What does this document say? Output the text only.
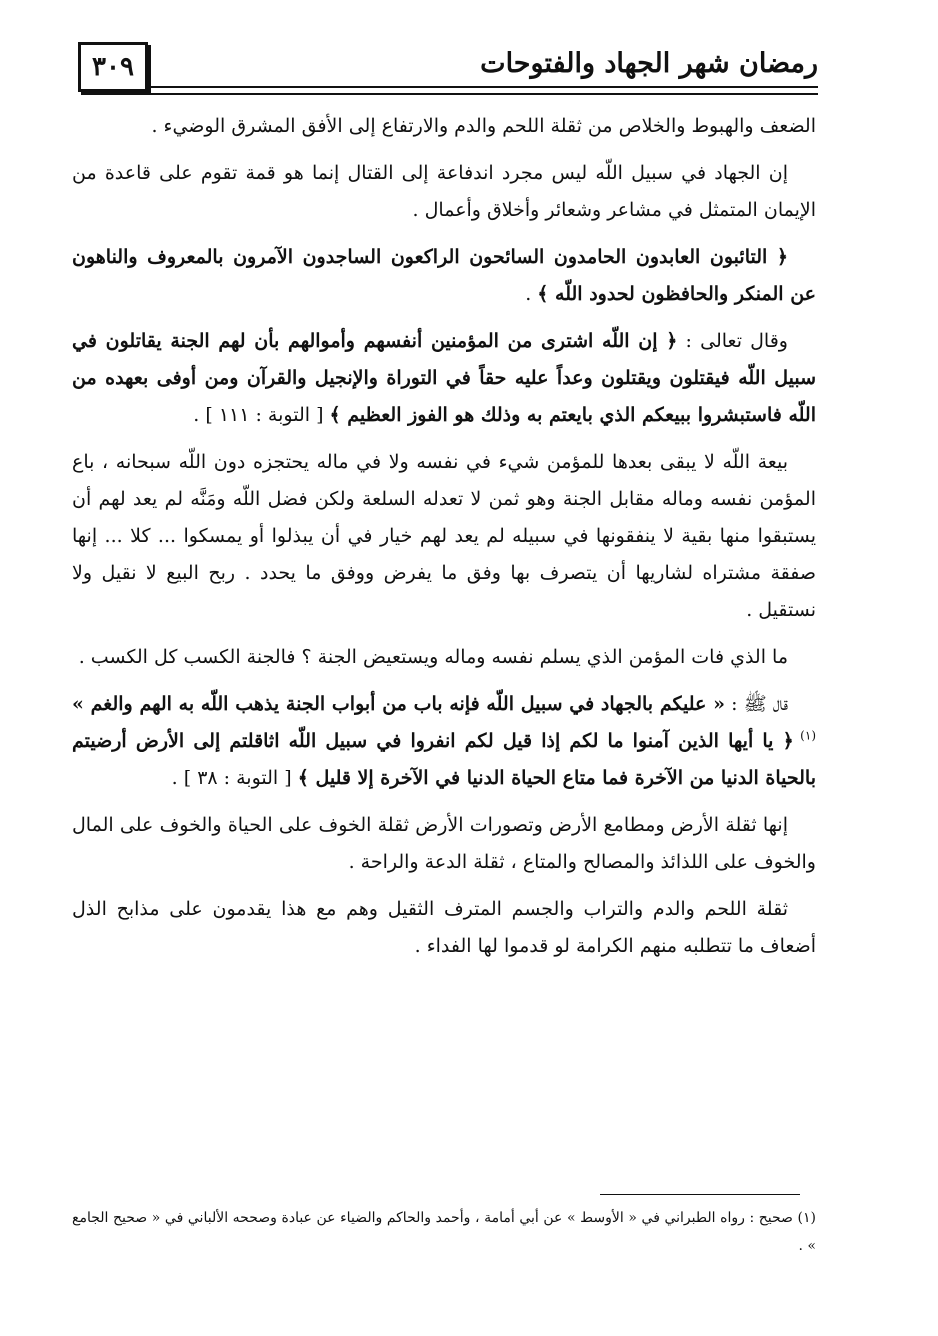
٣٠٩	رمضان شهر الجهاد والفتوحات

الضعف والهبوط والخلاص من ثقلة اللحم والدم والارتفاع إلى الأفق المشرق الوضيء .

إن الجهاد في سبيل اللّه ليس مجرد اندفاعة إلى القتال إنما هو قمة تقوم على قاعدة من الإيمان المتمثل في مشاعر وشعائر وأخلاق وأعمال .

﴿ التائبون العابدون الحامدون السائحون الراكعون الساجدون الآمرون بالمعروف والناهون عن المنكر والحافظون لحدود اللّه ﴾ .

وقال تعالى : ﴿ إن اللّه اشترى من المؤمنين أنفسهم وأموالهم بأن لهم الجنة يقاتلون في سبيل اللّه فيقتلون ويقتلون وعداً عليه حقاً في التوراة والإنجيل والقرآن ومن أوفى بعهده من اللّه فاستبشروا ببيعكم الذي بايعتم به وذلك هو الفوز العظيم ﴾ [ التوبة : ١١١ ] .

بيعة اللّه لا يبقى بعدها للمؤمن شيء في نفسه ولا في ماله يحتجزه دون اللّه سبحانه ، باع المؤمن نفسه وماله مقابل الجنة وهو ثمن لا تعدله السلعة ولكن فضل اللّه ومَنَّه لم يعد لهم أن يستبقوا منها بقية لا ينفقونها في سبيله لم يعد لهم خيار في أن يبذلوا أو يمسكوا ... كلا ... إنها صفقة مشتراه لشاريها أن يتصرف بها وفق ما يفرض ووفق ما يحدد . ربح البيع لا نقيل ولا نستقيل .

ما الذي فات المؤمن الذي يسلم نفسه وماله ويستعيض الجنة ؟ فالجنة الكسب كل الكسب .

قال ﷺ : « عليكم بالجهاد في سبيل اللّه فإنه باب من أبواب الجنة يذهب اللّه به الهم والغم » $^{(١)}$ ﴿ يا أيها الذين آمنوا ما لكم إذا قيل لكم انفروا في سبيل اللّه اثاقلتم إلى الأرض أرضيتم بالحياة الدنيا من الآخرة فما متاع الحياة الدنيا في الآخرة إلا قليل ﴾ [ التوبة : ٣٨ ] .

إنها ثقلة الأرض ومطامع الأرض وتصورات الأرض ثقلة الخوف على الحياة والخوف على المال والخوف على اللذائذ والمصالح والمتاع ، ثقلة الدعة والراحة .

ثقلة اللحم والدم والتراب والجسم المترف الثقيل وهم مع هذا يقدمون على مذابح الذل أضعاف ما تتطلبه منهم الكرامة لو قدموا لها الفداء .

(١) صحيح : رواه الطبراني في « الأوسط » عن أبي أمامة ، وأحمد والحاكم والضياء عن عبادة وصححه الألباني في « صحيح الجامع » .
